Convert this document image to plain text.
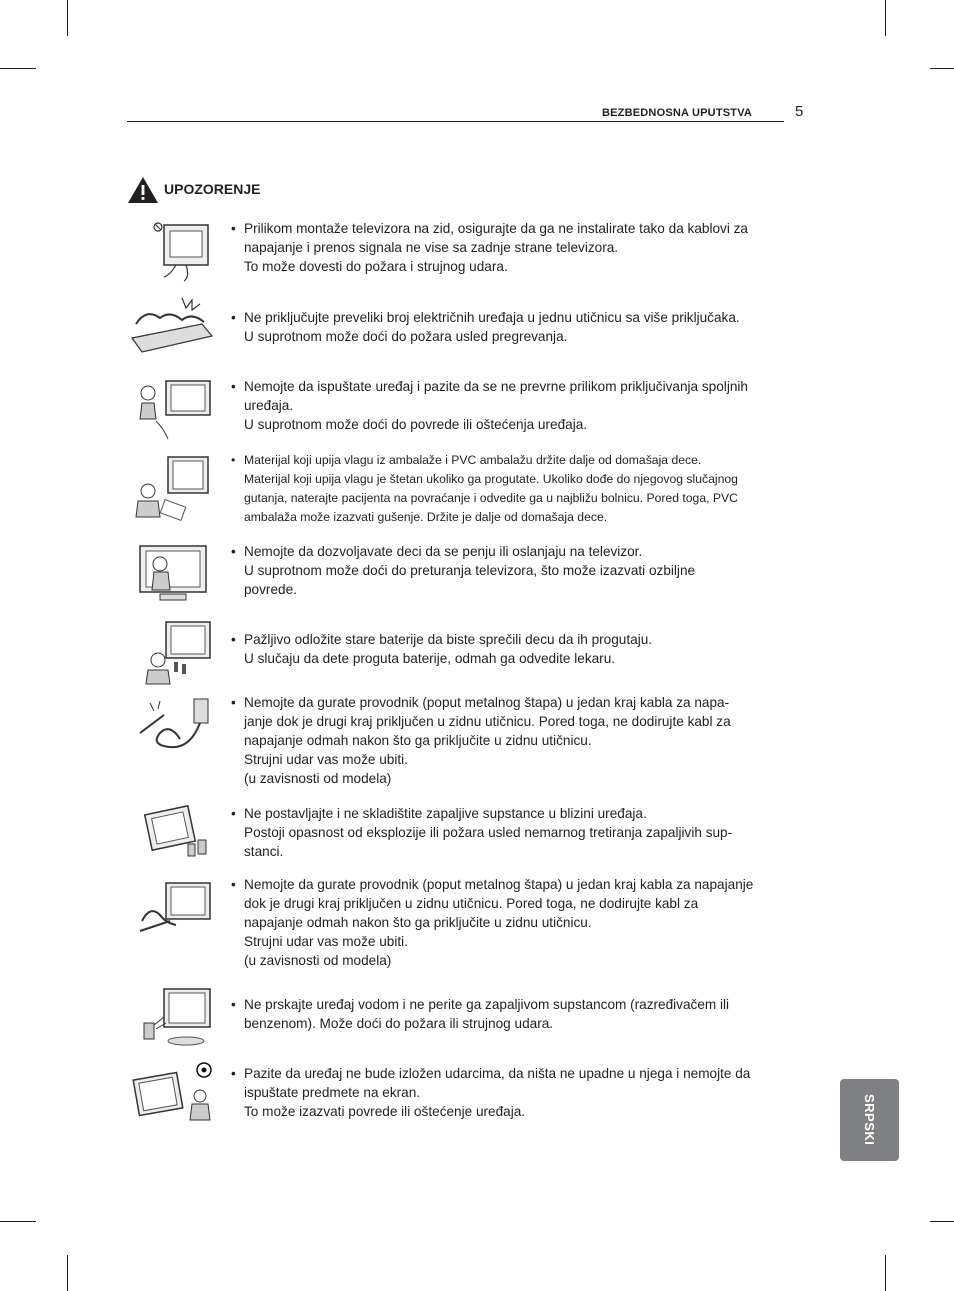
BEZBEDNOSNA UPUTSTVA	5
UPOZORENJE
• Prilikom montaže televizora na zid, osigurajte da ga ne instalirate tako da kablovi za
napajanje i prenos signala ne vise sa zadnje strane televizora.
To može dovesti do požara i strujnog udara.
• Ne priključujte preveliki broj električnih uređaja u jednu utičnicu sa više priključaka.
U suprotnom može doći do požara usled pregrevanja.
• Nemojte da ispuštate uređaj i pazite da se ne prevrne prilikom priključivanja spoljnih
uređaja.
U suprotnom može doći do povrede ili oštećenja uređaja.
• Materijal koji upija vlagu iz ambalaže i PVC ambalažu držite dalje od domašaja dece.
Materijal koji upija vlagu je štetan ukoliko ga progutate. Ukoliko dođe do njegovog slučajnog
gutanja, naterajte pacijenta na povraćanje i odvedite ga u najbližu bolnicu. Pored toga, PVC
ambalaža može izazvati gušenje. Držite je dalje od domašaja dece.
• Nemojte da dozvoljavate deci da se penju ili oslanjaju na televizor.
U suprotnom može doći do preturanja televizora, što može izazvati ozbiljne
povrede.
• Pažljivo odložite stare baterije da biste sprečili decu da ih progutaju.
U slučaju da dete proguta baterije, odmah ga odvedite lekaru.
• Nemojte da gurate provodnik (poput metalnog štapa) u jedan kraj kabla za napa-
janje dok je drugi kraj priključen u zidnu utičnicu. Pored toga, ne dodirujte kabl za
napajanje odmah nakon što ga priključite u zidnu utičnicu.
Strujni udar vas može ubiti.
(u zavisnosti od modela)
• Ne postavljajte i ne skladištite zapaljive supstance u blizini uređaja.
Postoji opasnost od eksplozije ili požara usled nemarnog tretiranja zapaljivih sup-
stanci.
• Nemojte da gurate provodnik (poput metalnog štapa) u jedan kraj kabla za napajanje
dok je drugi kraj priključen u zidnu utičnicu. Pored toga, ne dodirujte kabl za
napajanje odmah nakon što ga priključite u zidnu utičnicu.
Strujni udar vas može ubiti.
(u zavisnosti od modela)
• Ne prskajte uređaj vodom i ne perite ga zapaljivom supstancom (razređivačem ili
benzenom). Može doći do požara ili strujnog udara.
• Pazite da uređaj ne bude izložen udarcima, da ništa ne upadne u njega i nemojte da
ispuštate predmete na ekran.
To može izazvati povrede ili oštećenje uređaja.	SRPSKI
